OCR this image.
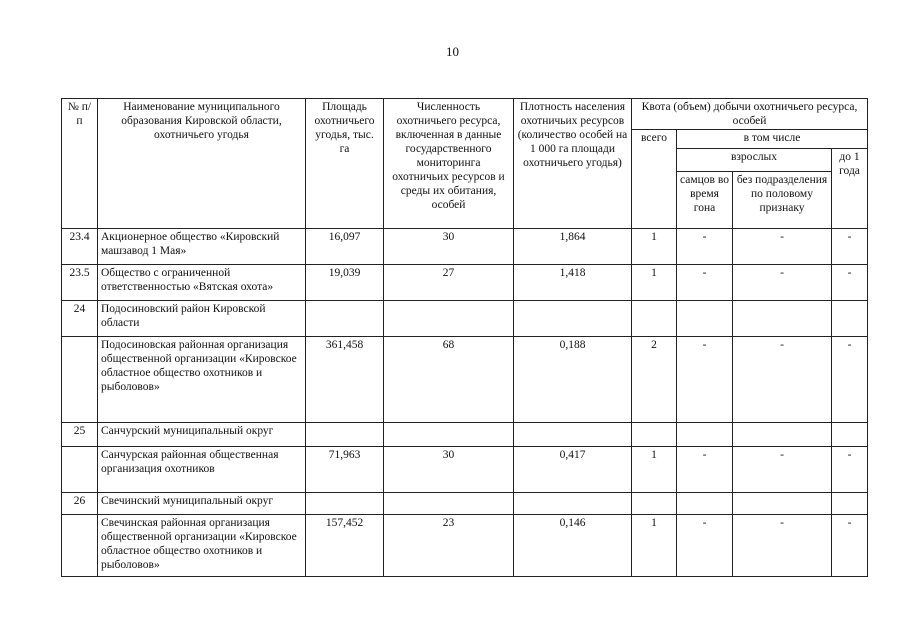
10
№ п/п	Наименование муниципального образования Кировской области, охотничьего угодья	Площадь охотничьего угодья, тыс. га	Численность охотничьего ресурса, включенная в данные государственного мониторинга охотничьих ресурсов и среды их обитания, особей	Плотность населения охотничьих ресурсов (количество особей на 1 000 га площади охотничьего угодья)	Квота (объем) добычи охотничьего ресурса, особей			
					всего	в том числе		
						взрослых		до 1 года
						самцов во время гона	без подразделения по половому признаку	
23.4	Акционерное общество «Кировский машзавод 1 Мая»	16,097	30	1,864	1	-	-	-
23.5	Общество с ограниченной ответственностью «Вятская охота»	19,039	27	1,418	1	-	-	-
24	Подосиновский район Кировской области							
	Подосиновская районная организация общественной организации «Кировское областное общество охотников и рыболовов»	361,458	68	0,188	2	-	-	-
25	Санчурский муниципальный округ							
	Санчурская районная общественная организация охотников	71,963	30	0,417	1	-	-	-
26	Свечинский муниципальный округ							
	Свечинская районная организация общественной организации «Кировское областное общество охотников и рыболовов»	157,452	23	0,146	1	-	-	-
